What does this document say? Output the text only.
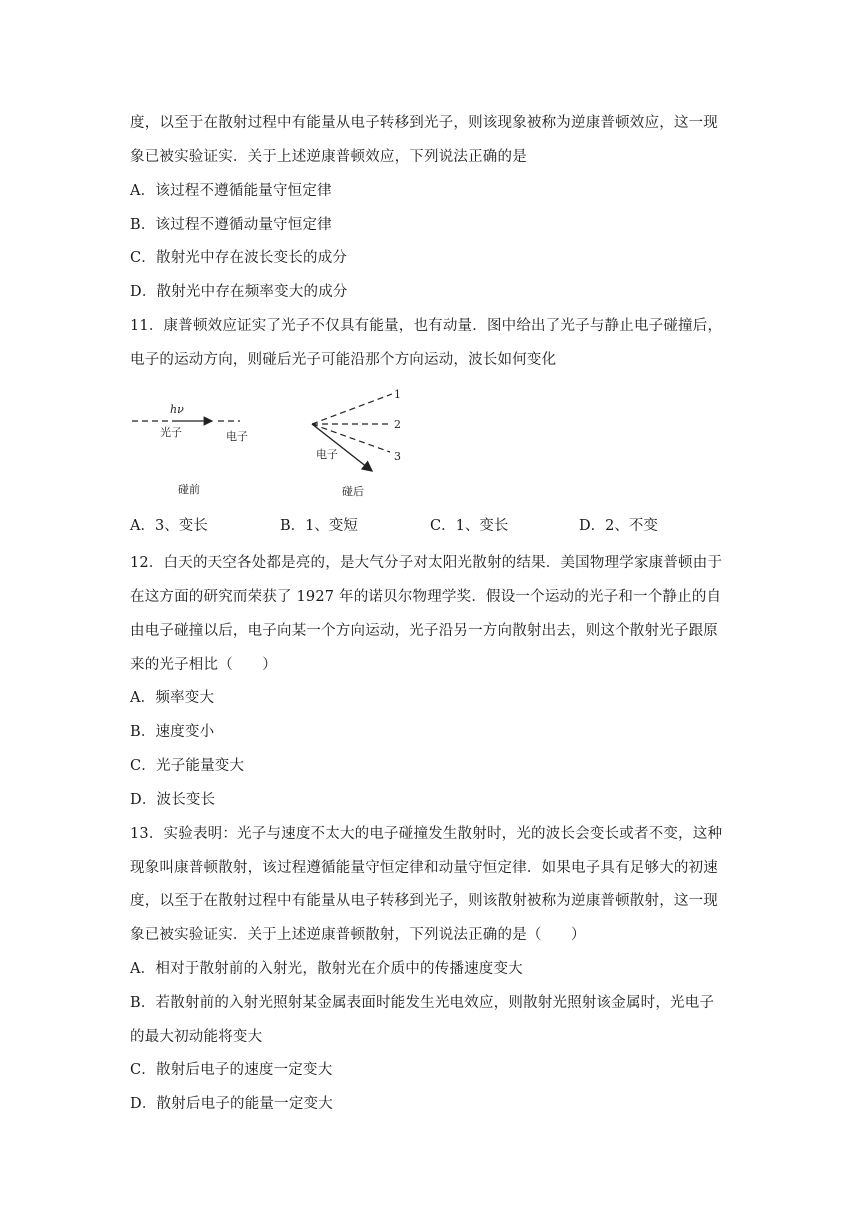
度，以至于在散射过程中有能量从电子转移到光子，则该现象被称为逆康普顿效应，这一现
象已被实验证实．关于上述逆康普顿效应，下列说法正确的是
A．该过程不遵循能量守恒定律
B．该过程不遵循动量守恒定律
C．散射光中存在波长变长的成分
D．散射光中存在频率变大的成分
11．康普顿效应证实了光子不仅具有能量，也有动量．图中给出了光子与静止电子碰撞后，
电子的运动方向，则碰后光子可能沿那个方向运动，波长如何变化
hν
光子	电子
碰前
1
2
3
电子
碰后
A．3、变长	B．1、变短	C．1、变长	D．2、不变
12．白天的天空各处都是亮的，是大气分子对太阳光散射的结果．美国物理学家康普顿由于
在这方面的研究而荣获了 1927 年的诺贝尔物理学奖．假设一个运动的光子和一个静止的自
由电子碰撞以后，电子向某一个方向运动，光子沿另一方向散射出去，则这个散射光子跟原
来的光子相比（　　）
A．频率变大
B．速度变小
C．光子能量变大
D．波长变长
13．实验表明：光子与速度不太大的电子碰撞发生散射时，光的波长会变长或者不变，这种
现象叫康普顿散射，该过程遵循能量守恒定律和动量守恒定律．如果电子具有足够大的初速
度，以至于在散射过程中有能量从电子转移到光子，则该散射被称为逆康普顿散射，这一现
象已被实验证实．关于上述逆康普顿散射，下列说法正确的是（　　）
A．相对于散射前的入射光，散射光在介质中的传播速度变大
B．若散射前的入射光照射某金属表面时能发生光电效应，则散射光照射该金属时，光电子
的最大初动能将变大
C．散射后电子的速度一定变大
D．散射后电子的能量一定变大
